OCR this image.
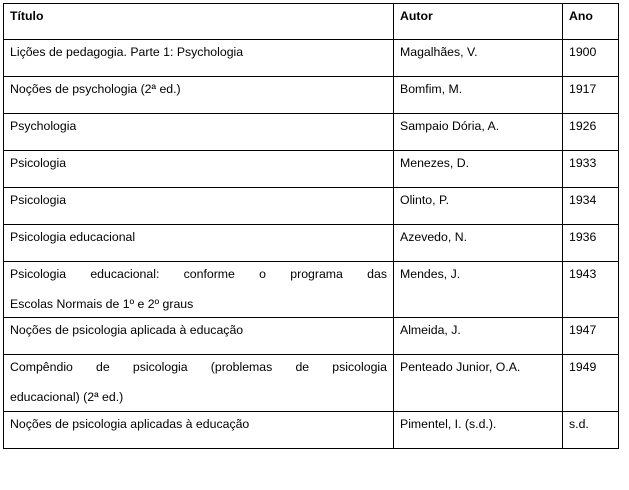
Título	Autor	Ano
Lições de pedagogia. Parte 1: Psychologia	Magalhães, V.	1900
Noções de psychologia (2ª ed.)	Bomfim, M.	1917
Psychologia	Sampaio Dória, A.	1926
Psicologia	Menezes, D.	1933
Psicologia	Olinto, P.	1934
Psicologia educacional	Azevedo, N.	1936

Psicologia educacional: conforme o programa das
Escolas Normais de 1º e 2º graus	Mendes, J.	1943
Noções de psicologia aplicada à educação	Almeida, J.	1947

Compêndio de psicologia (problemas de psicologia
educacional) (2ª ed.)	Penteado Junior, O.A.	1949
Noções de psicologia aplicadas à educação	Pimentel, I. (s.d.).	s.d.
